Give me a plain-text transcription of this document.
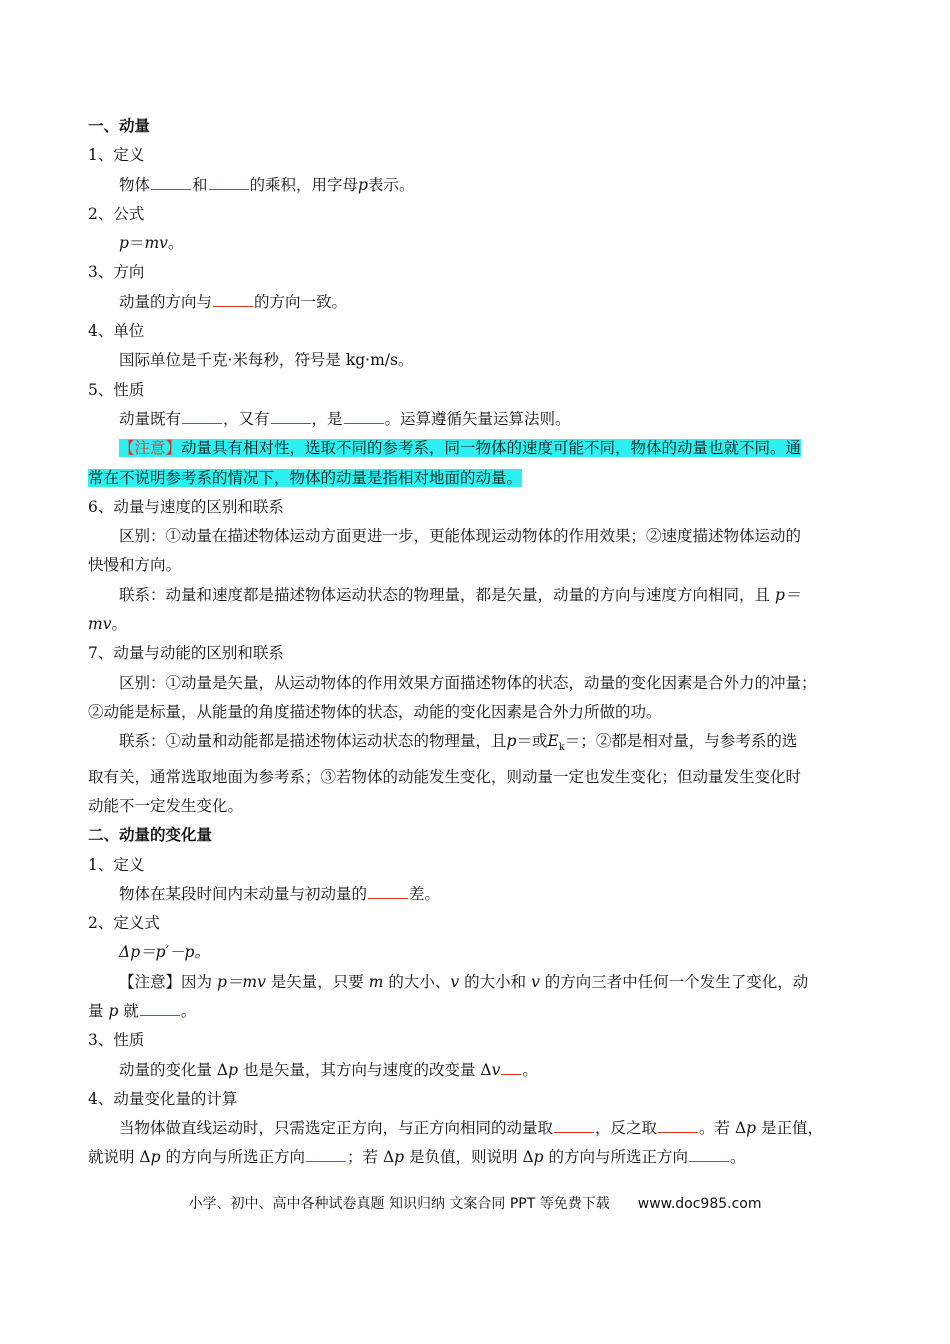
一、动量
1、定义
物体	和	的乘积，用字母p表示。
2、公式
p＝mv。
3、方向
动量的方向与	的方向一致。
4、单位
国际单位是千克·米每秒，符号是 kg·m/s。
5、性质
动量既有	，又有	，是	。运算遵循矢量运算法则。
【注意】动量具有相对性，选取不同的参考系，同一物体的速度可能不同，物体的动量也就不同。通
常在不说明参考系的情况下，物体的动量是指相对地面的动量。
6、动量与速度的区别和联系
区别：①动量在描述物体运动方面更进一步，更能体现运动物体的作用效果；②速度描述物体运动的
快慢和方向。
联系：动量和速度都是描述物体运动状态的物理量，都是矢量，动量的方向与速度方向相同，且 p＝
mv。
7、动量与动能的区别和联系
区别：①动量是矢量，从运动物体的作用效果方面描述物体的状态，动量的变化因素是合外力的冲量；
②动能是标量，从能量的角度描述物体的状态，动能的变化因素是合外力所做的功。
联系：①动量和动能都是描述物体运动状态的物理量，且p＝或$E_k=$；②都是相对量，与参考系的选
取有关，通常选取地面为参考系；③若物体的动能发生变化，则动量一定也发生变化；但动量发生变化时
动能不一定发生变化。
二、动量的变化量
1、定义
物体在某段时间内末动量与初动量的	差。
2、定义式
Δp＝p′－p。
【注意】因为 p＝mv 是矢量，只要 m 的大小、v 的大小和 v 的方向三者中任何一个发生了变化，动
量 p 就	。
3、性质
动量的变化量 Δp 也是矢量，其方向与速度的改变量 Δv 。
4、动量变化量的计算
当物体做直线运动时，只需选定正方向，与正方向相同的动量取	，反之取	。若 Δp 是正值，
就说明 Δp 的方向与所选正方向	；若 Δp 是负值，则说明 Δp 的方向与所选正方向	。
小学、初中、高中各种试卷真题 知识归纳 文案合同 PPT 等免费下载 www.doc985.com
